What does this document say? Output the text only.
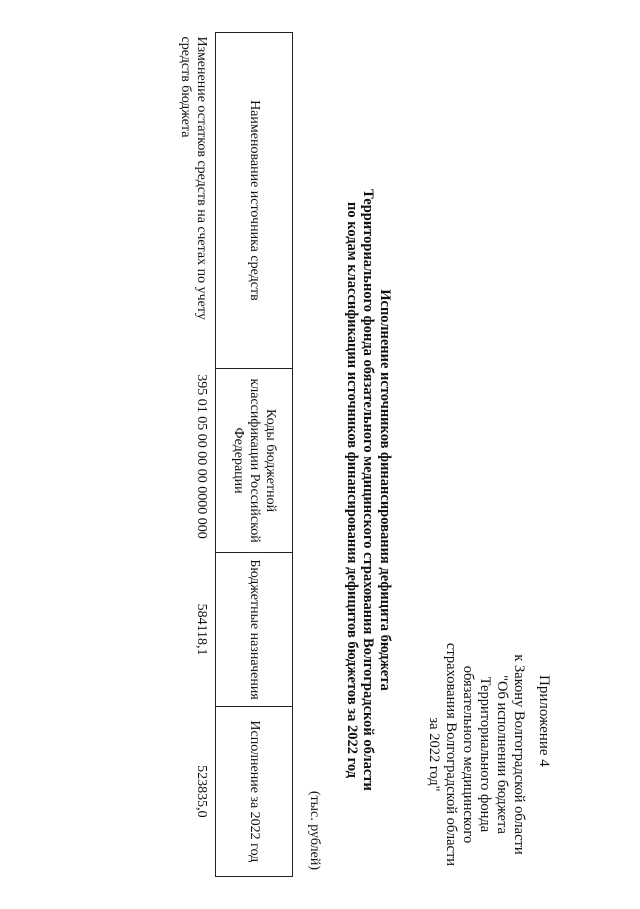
Приложение 4
к Закону Волгоградской области
"Об исполнении бюджета
Территориального фонда
обязательного медицинского
страхования Волгоградской области
за 2022 год"
Исполнение источников финансирования дефицита бюджета
Территориального фонда обязательного медицинского страхования Волгоградской области
по кодам классификации источников финансирования дефицитов бюджетов за 2022 год
(тыс. рублей)
Наименование источника средств	Коды бюджетной классификации Российской Федерации	Бюджетные назначения	Исполнение за 2022 год
Изменение остатков средств на счетах по учету средств бюджета	395 01 05 00 00 00 0000 000	584118,1	523835,0
